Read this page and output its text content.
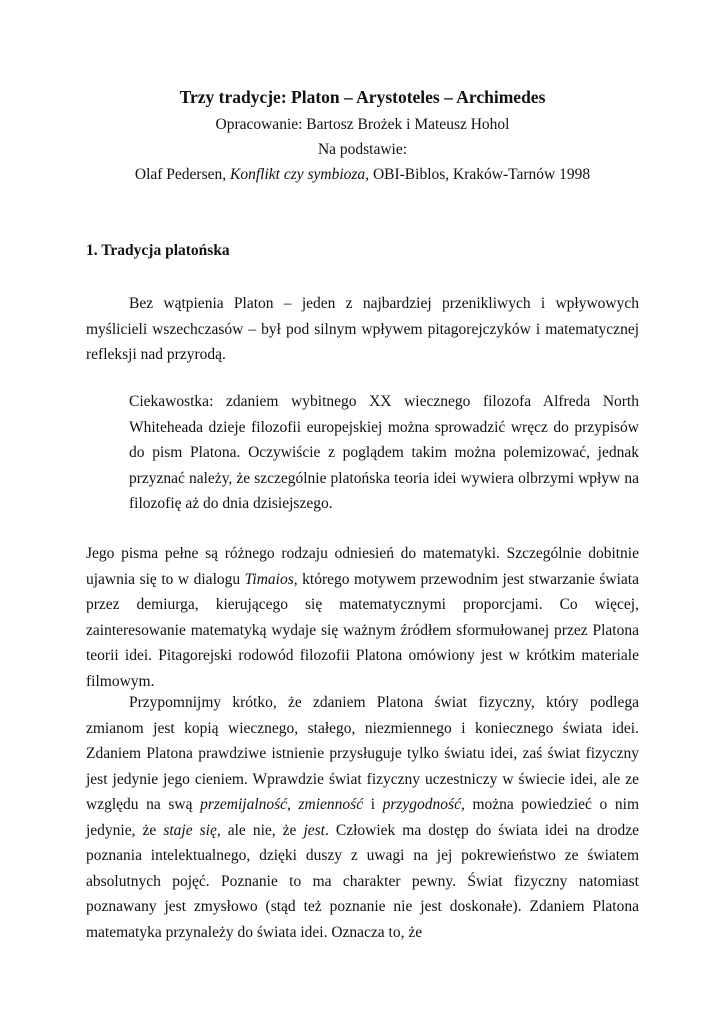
Trzy tradycje: Platon – Arystoteles – Archimedes
Opracowanie: Bartosz Brożek i Mateusz Hohol
Na podstawie:
Olaf Pedersen, Konflikt czy symbioza, OBI-Biblos, Kraków-Tarnów 1998
1. Tradycja platońska

Bez wątpienia Platon – jeden z najbardziej przenikliwych i wpływowych myślicieli wszechczasów – był pod silnym wpływem pitagorejczyków i matematycznej refleksji nad przyrodą.

Ciekawostka: zdaniem wybitnego XX wiecznego filozofa Alfreda North Whiteheada dzieje filozofii europejskiej można sprowadzić wręcz do przypisów do pism Platona. Oczywiście z poglądem takim można polemizować, jednak przyznać należy, że szczególnie platońska teoria idei wywiera olbrzymi wpływ na filozofię aż do dnia dzisiejszego.

Jego pisma pełne są różnego rodzaju odniesień do matematyki. Szczególnie dobitnie ujawnia się to w dialogu Timaios, którego motywem przewodnim jest stwarzanie świata przez demiurga, kierującego się matematycznymi proporcjami. Co więcej, zainteresowanie matematyką wydaje się ważnym źródłem sformułowanej przez Platona teorii idei. Pitagorejski rodowód filozofii Platona omówiony jest w krótkim materiale filmowym.

Przypomnijmy krótko, że zdaniem Platona świat fizyczny, który podlega zmianom jest kopią wiecznego, stałego, niezmiennego i koniecznego świata idei. Zdaniem Platona prawdziwe istnienie przysługuje tylko światu idei, zaś świat fizyczny jest jedynie jego cieniem. Wprawdzie świat fizyczny uczestniczy w świecie idei, ale ze względu na swą przemijalność, zmienność i przygodność, można powiedzieć o nim jedynie, że staje się, ale nie, że jest. Człowiek ma dostęp do świata idei na drodze poznania intelektualnego, dzięki duszy z uwagi na jej pokrewieństwo ze światem absolutnych pojęć. Poznanie to ma charakter pewny. Świat fizyczny natomiast poznawany jest zmysłowo (stąd też poznanie nie jest doskonałe). Zdaniem Platona matematyka przynależy do świata idei. Oznacza to, że
